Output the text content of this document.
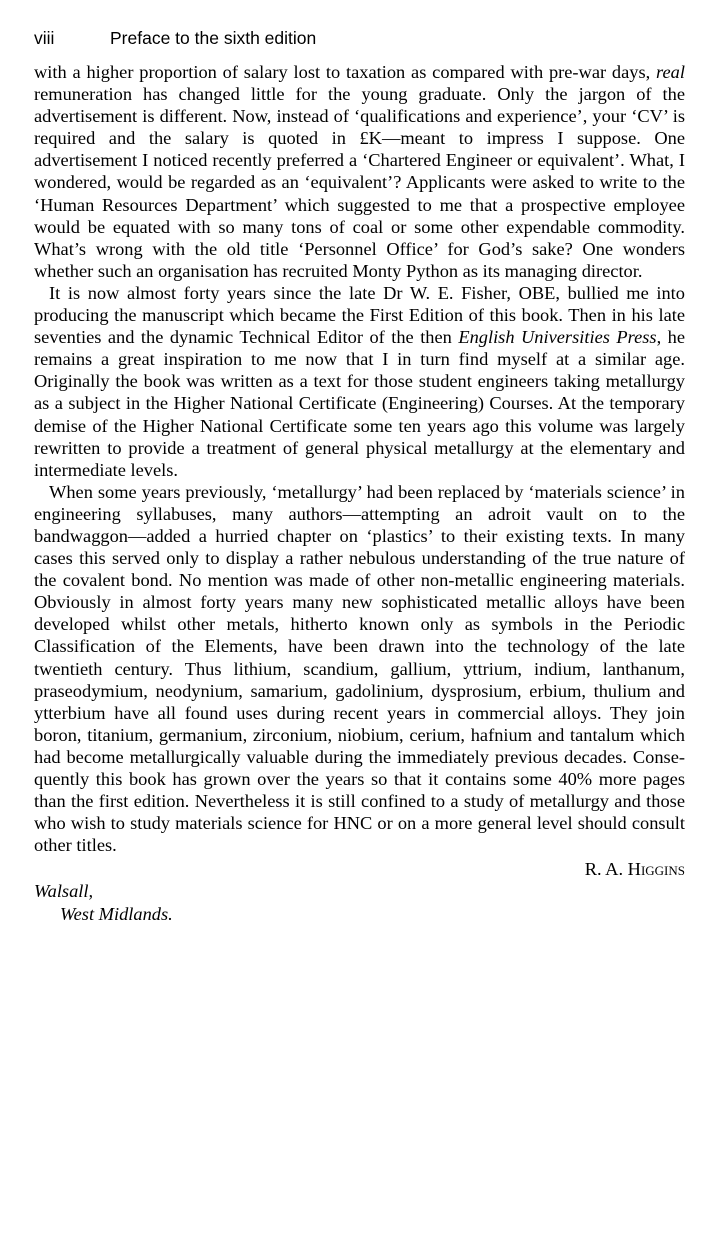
viii	Preface to the sixth edition

with a higher proportion of salary lost to taxation as compared with pre-war days, real remuneration has changed little for the young graduate. Only the jargon of the advertisement is different. Now, instead of ‘qualifications and experience’, your ‘CV’ is required and the salary is quoted in £K—meant to impress I suppose. One advertisement I noticed recently preferred a ‘Chartered Engineer or equivalent’. What, I wondered, would be regarded as an ‘equivalent’? Applicants were asked to write to the ‘Human Resources Department’ which suggested to me that a prospective employee would be equated with so many tons of coal or some other expendable commodity. What’s wrong with the old title ‘Personnel Office’ for God’s sake? One wonders whether such an organisation has recruited Monty Python as its managing director.

It is now almost forty years since the late Dr W. E. Fisher, OBE, bullied me into producing the manuscript which became the First Edition of this book. Then in his late seventies and the dynamic Technical Editor of the then English Universities Press, he remains a great inspiration to me now that I in turn find myself at a similar age. Originally the book was written as a text for those student engineers taking metallurgy as a subject in the Higher National Certificate (Engineering) Courses. At the temporary demise of the Higher National Certificate some ten years ago this volume was largely rewritten to provide a treatment of general physical metallurgy at the elementary and intermediate levels.

When some years previously, ‘metallurgy’ had been replaced by ‘materials science’ in engineering syllabuses, many authors—attempting an adroit vault on to the bandwaggon—added a hurried chapter on ‘plastics’ to their existing texts. In many cases this served only to display a rather nebulous understanding of the true nature of the covalent bond. No mention was made of other non-metallic engineering materials. Obviously in almost forty years many new sophisticated metallic alloys have been developed whilst other metals, hitherto known only as symbols in the Periodic Classification of the Elements, have been drawn into the technology of the late twentieth century. Thus lithium, scandium, gallium, yttrium, indium, lanthanum, praseodymium, neodynium, samarium, gadolinium, dysprosium, erbium, thulium and ytterbium have all found uses during recent years in commercial alloys. They join boron, titanium, germanium, zirconium, niobium, cerium, hafnium and tantalum which had become metallurgically valuable during the immediately previous decades. Consequently this book has grown over the years so that it contains some 40% more pages than the first edition. Nevertheless it is still confined to a study of metallurgy and those who wish to study materials science for HNC or on a more general level should consult other titles.

R. A. Higgins
Walsall,
West Midlands.
